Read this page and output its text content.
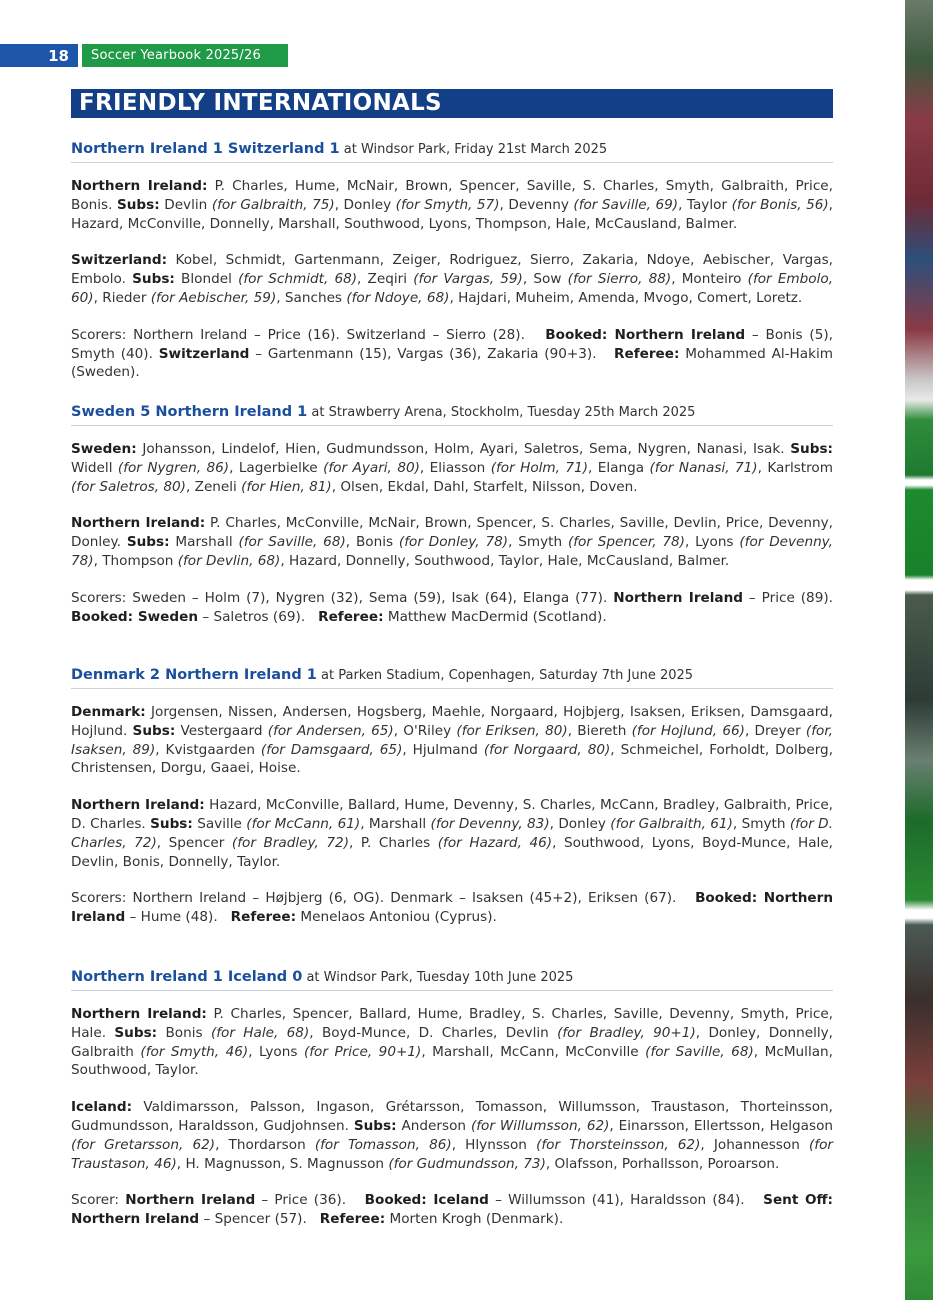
18	Soccer Yearbook 2025/26
FRIENDLY INTERNATIONALS
Northern Ireland 1 Switzerland 1 at Windsor Park, Friday 21st March 2025

Northern Ireland: P. Charles, Hume, McNair, Brown, Spencer, Saville, S. Charles, Smyth, Galbraith, Price, Bonis. Subs: Devlin (for Galbraith, 75), Donley (for Smyth, 57), Devenny (for Saville, 69), Taylor (for Bonis, 56), Hazard, McConville, Donnelly, Marshall, Southwood, Lyons, Thompson, Hale, McCausland, Balmer.

Switzerland: Kobel, Schmidt, Gartenmann, Zeiger, Rodriguez, Sierro, Zakaria, Ndoye, Aebischer, Vargas, Embolo. Subs: Blondel (for Schmidt, 68), Zeqiri (for Vargas, 59), Sow (for Sierro, 88), Monteiro (for Embolo, 60), Rieder (for Aebischer, 59), Sanches (for Ndoye, 68), Hajdari, Muheim, Amenda, Mvogo, Comert, Loretz.

Scorers: Northern Ireland – Price (16). Switzerland – Sierro (28).   Booked: Northern Ireland – Bonis (5), Smyth (40). Switzerland – Gartenmann (15), Vargas (36), Zakaria (90+3).   Referee: Mohammed Al-Hakim (Sweden).

Sweden 5 Northern Ireland 1 at Strawberry Arena, Stockholm, Tuesday 25th March 2025

Sweden: Johansson, Lindelof, Hien, Gudmundsson, Holm, Ayari, Saletros, Sema, Nygren, Nanasi, Isak. Subs: Widell (for Nygren, 86), Lagerbielke (for Ayari, 80), Eliasson (for Holm, 71), Elanga (for Nanasi, 71), Karlstrom (for Saletros, 80), Zeneli (for Hien, 81), Olsen, Ekdal, Dahl, Starfelt, Nilsson, Doven.

Northern Ireland: P. Charles, McConville, McNair, Brown, Spencer, S. Charles, Saville, Devlin, Price, Devenny, Donley. Subs: Marshall (for Saville, 68), Bonis (for Donley, 78), Smyth (for Spencer, 78), Lyons (for Devenny, 78), Thompson (for Devlin, 68), Hazard, Donnelly, Southwood, Taylor, Hale, McCausland, Balmer.

Scorers: Sweden – Holm (7), Nygren (32), Sema (59), Isak (64), Elanga (77). Northern Ireland – Price (89). Booked: Sweden – Saletros (69).   Referee: Matthew MacDermid (Scotland).

Denmark 2 Northern Ireland 1 at Parken Stadium, Copenhagen, Saturday 7th June 2025

Denmark: Jorgensen, Nissen, Andersen, Hogsberg, Maehle, Norgaard, Hojbjerg, Isaksen, Eriksen, Damsgaard, Hojlund. Subs: Vestergaard (for Andersen, 65), O'Riley (for Eriksen, 80), Biereth (for Hojlund, 66), Dreyer (for, Isaksen, 89), Kvistgaarden (for Damsgaard, 65), Hjulmand (for Norgaard, 80), Schmeichel, Forholdt, Dolberg, Christensen, Dorgu, Gaaei, Hoise.

Northern Ireland: Hazard, McConville, Ballard, Hume, Devenny, S. Charles, McCann, Bradley, Galbraith, Price, D. Charles. Subs: Saville (for McCann, 61), Marshall (for Devenny, 83), Donley (for Galbraith, 61), Smyth (for D. Charles, 72), Spencer (for Bradley, 72), P. Charles (for Hazard, 46), Southwood, Lyons, Boyd-Munce, Hale, Devlin, Bonis, Donnelly, Taylor.

Scorers: Northern Ireland – Højbjerg (6, OG). Denmark – Isaksen (45+2), Eriksen (67).   Booked: Northern Ireland – Hume (48).   Referee: Menelaos Antoniou (Cyprus).

Northern Ireland 1 Iceland 0 at Windsor Park, Tuesday 10th June 2025

Northern Ireland: P. Charles, Spencer, Ballard, Hume, Bradley, S. Charles, Saville, Devenny, Smyth, Price, Hale. Subs: Bonis (for Hale, 68), Boyd-Munce, D. Charles, Devlin (for Bradley, 90+1), Donley, Donnelly, Galbraith (for Smyth, 46), Lyons (for Price, 90+1), Marshall, McCann, McConville (for Saville, 68), McMullan, Southwood, Taylor.

Iceland: Valdimarsson, Palsson, Ingason, Grétarsson, Tomasson, Willumsson, Traustason, Thorteinsson, Gudmundsson, Haraldsson, Gudjohnsen. Subs: Anderson (for Willumsson, 62), Einarsson, Ellertsson, Helgason (for Gretarsson, 62), Thordarson (for Tomasson, 86), Hlynsson (for Thorsteinsson, 62), Johannesson (for Traustason, 46), H. Magnusson, S. Magnusson (for Gudmundsson, 73), Olafsson, Porhallsson, Poroarson.

Scorer: Northern Ireland – Price (36).   Booked: Iceland – Willumsson (41), Haraldsson (84).   Sent Off: Northern Ireland – Spencer (57).   Referee: Morten Krogh (Denmark).
